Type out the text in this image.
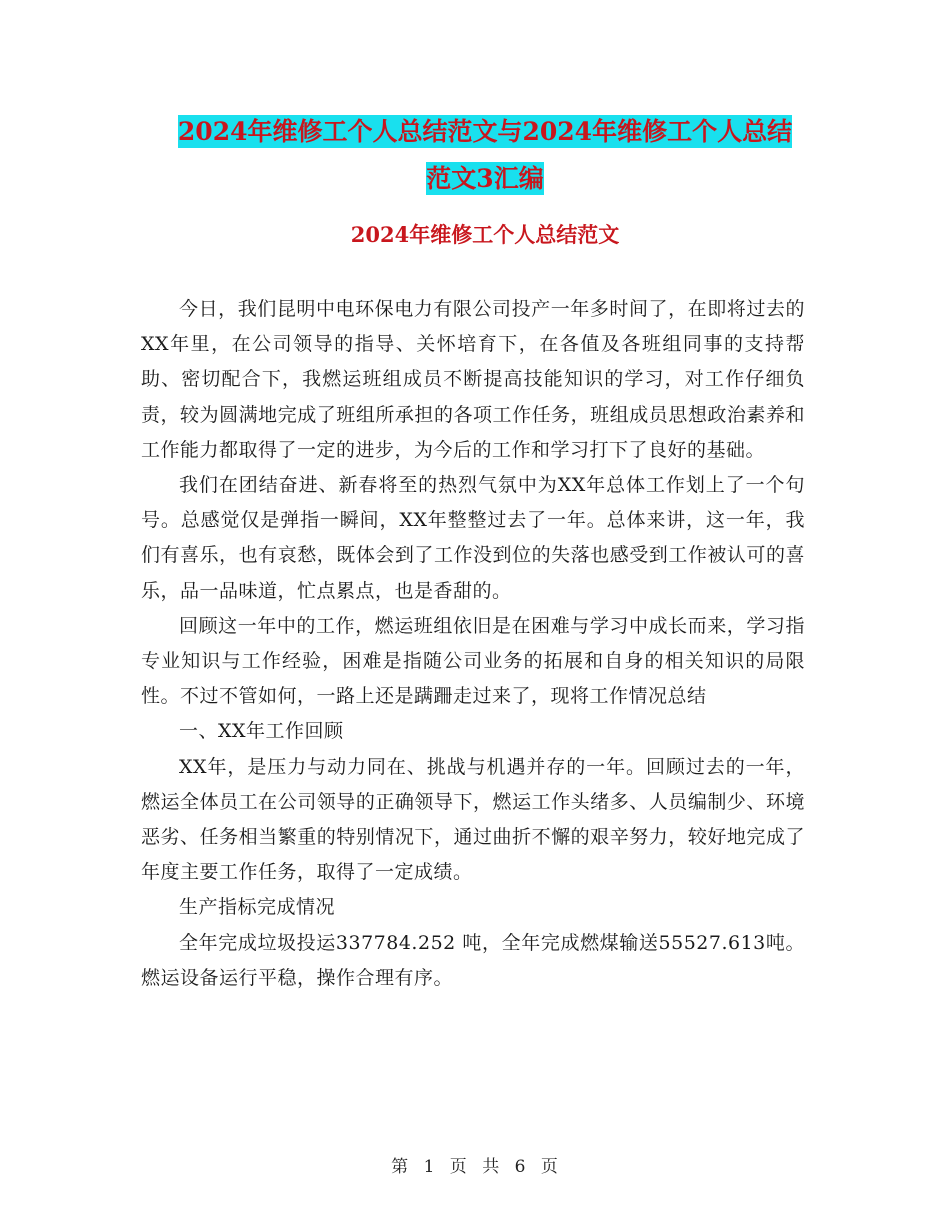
2024年维修工个人总结范文与2024年维修工个人总结
范文3汇编
2024年维修工个人总结范文

今日，我们昆明中电环保电力有限公司投产一年多时间了，在即将过去的XX年里，在公司领导的指导、关怀培育下，在各值及各班组同事的支持帮助、密切配合下，我燃运班组成员不断提高技能知识的学习，对工作仔细负责，较为圆满地完成了班组所承担的各项工作任务，班组成员思想政治素养和工作能力都取得了一定的进步，为今后的工作和学习打下了良好的基础。

我们在团结奋进、新春将至的热烈气氛中为XX年总体工作划上了一个句号。总感觉仅是弹指一瞬间，XX年整整过去了一年。总体来讲，这一年，我们有喜乐，也有哀愁，既体会到了工作没到位的失落也感受到工作被认可的喜乐，品一品味道，忙点累点，也是香甜的。

回顾这一年中的工作，燃运班组依旧是在困难与学习中成长而来，学习指专业知识与工作经验，困难是指随公司业务的拓展和自身的相关知识的局限性。不过不管如何，一路上还是蹒跚走过来了，现将工作情况总结

一、XX年工作回顾

XX年，是压力与动力同在、挑战与机遇并存的一年。回顾过去的一年，燃运全体员工在公司领导的正确领导下，燃运工作头绪多、人员编制少、环境恶劣、任务相当繁重的特别情况下，通过曲折不懈的艰辛努力，较好地完成了年度主要工作任务，取得了一定成绩。

生产指标完成情况

全年完成垃圾投运337784.252 吨，全年完成燃煤输送55527.613吨。燃运设备运行平稳，操作合理有序。

第 1 页 共 6 页
